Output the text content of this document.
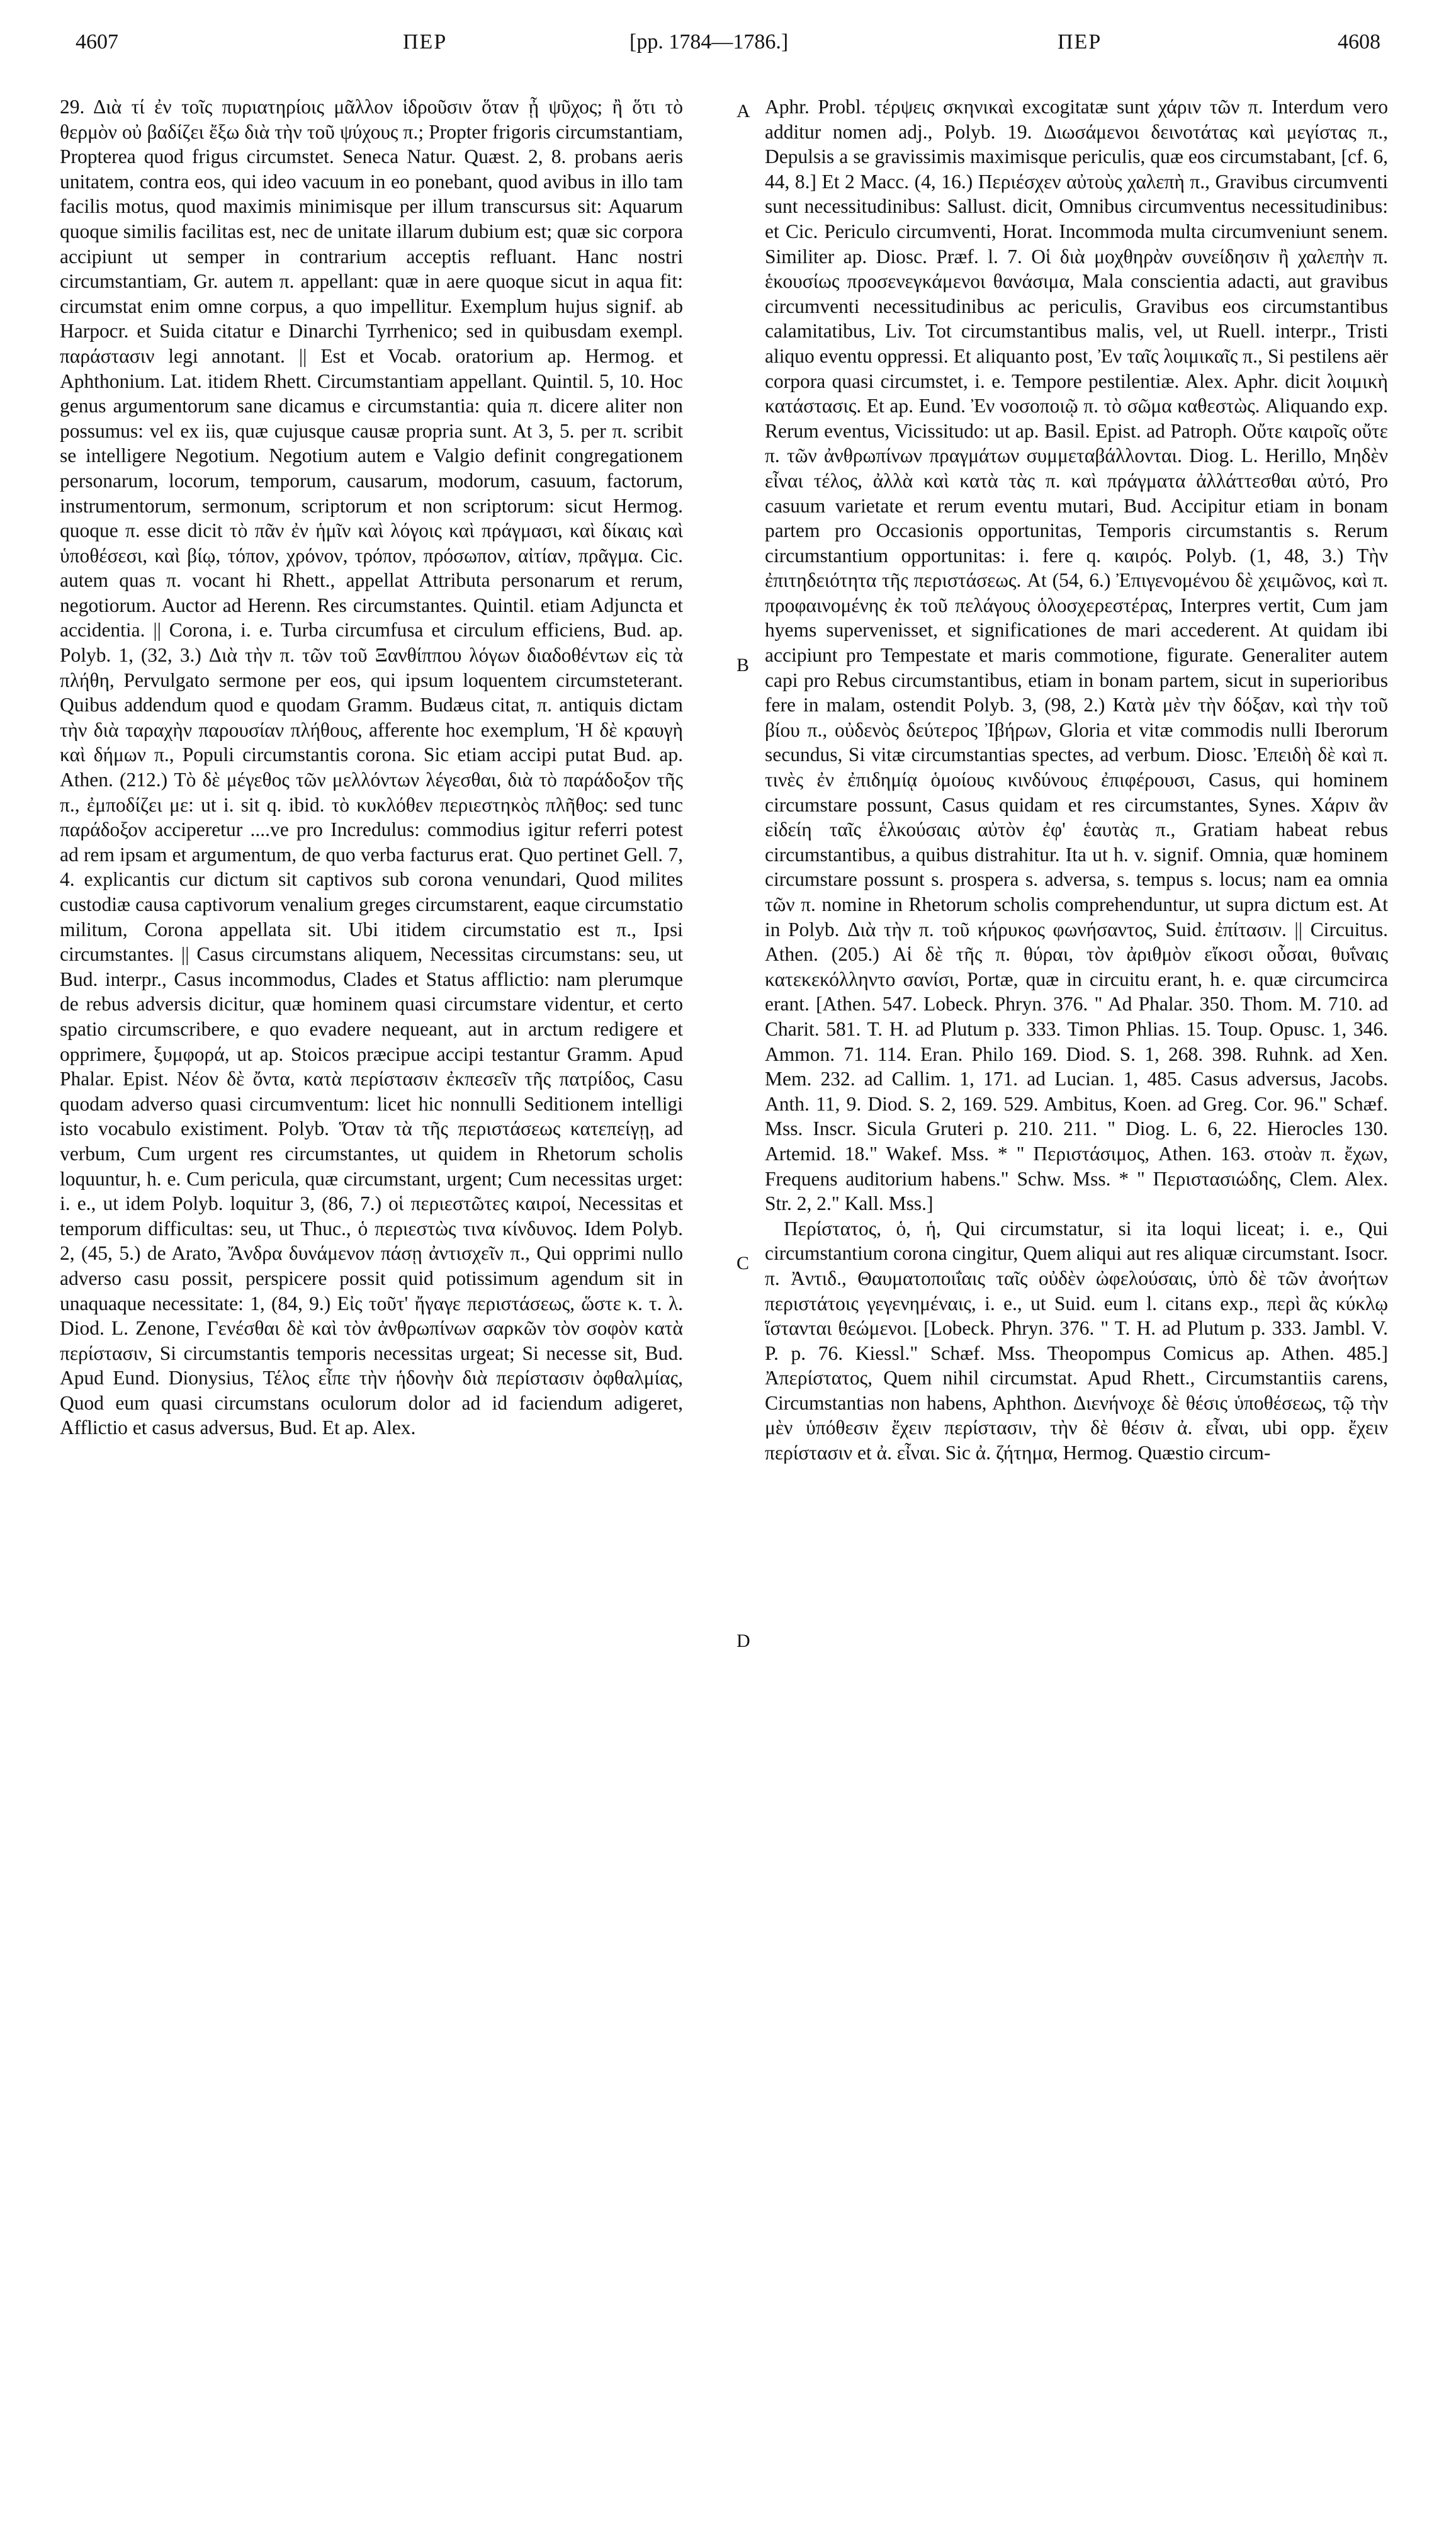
4607	ΠΕΡ	[pp. 1784—1786.]	ΠΕΡ	4608

29. Διὰ τί ἐν τοῖς πυριατηρίοις μᾶλλον ἱδροῦσιν ὅταν ᾖ ψῦχος; ἢ ὅτι τὸ θερμὸν οὐ βαδίζει ἔξω διὰ τὴν τοῦ ψύχους π.; Propter frigoris circumstantiam, Propterea quod frigus circumstet. Seneca Natur. Quæst. 2, 8. probans aeris unitatem, contra eos, qui ideo vacuum in eo ponebant, quod avibus in illo tam facilis motus, quod maximis minimisque per illum transcursus sit: Aquarum quoque similis facilitas est, nec de unitate illarum dubium est; quæ sic corpora accipiunt ut semper in contrarium acceptis refluant. Hanc nostri circumstantiam, Gr. autem π. appellant: quæ in aere quoque sicut in aqua fit: circumstat enim omne corpus, a quo impellitur. Exemplum hujus signif. ab Harpocr. et Suida citatur e Dinarchi Tyrrhenico; sed in quibusdam exempl. παράστασιν legi annotant. || Est et Vocab. oratorium ap. Hermog. et Aphthonium. Lat. itidem Rhett. Circumstantiam appellant. Quintil. 5, 10. Hoc genus argumentorum sane dicamus e circumstantia: quia π. dicere aliter non possumus: vel ex iis, quæ cujusque causæ propria sunt. At 3, 5. per π. scribit se intelligere Negotium. Negotium autem e Valgio definit congregationem personarum, locorum, temporum, causarum, modorum, casuum, factorum, instrumentorum, sermonum, scriptorum et non scriptorum: sicut Hermog. quoque π. esse dicit τὸ πᾶν ἐν ἡμῖν καὶ λόγοις καὶ πράγμασι, καὶ δίκαις καὶ ὑποθέσεσι, καὶ βίῳ, τόπον, χρόνον, τρόπον, πρόσωπον, αἰτίαν, πρᾶγμα. Cic. autem quas π. vocant hi Rhett., appellat Attributa personarum et rerum, negotiorum. Auctor ad Herenn. Res circumstantes. Quintil. etiam Adjuncta et accidentia. || Corona, i. e. Turba circumfusa et circulum efficiens, Bud. ap. Polyb. 1, (32, 3.) Διὰ τὴν π. τῶν τοῦ Ξανθίππου λόγων διαδοθέντων εἰς τὰ πλήθη, Pervulgato sermone per eos, qui ipsum loquentem circumsteterant. Quibus addendum quod e quodam Gramm. Budæus citat, π. antiquis dictam τὴν διὰ ταραχὴν παρουσίαν πλήθους, afferente hoc exemplum, Ἡ δὲ κραυγὴ καὶ δήμων π., Populi circumstantis corona. Sic etiam accipi putat Bud. ap. Athen. (212.) Τὸ δὲ μέγεθος τῶν μελλόντων λέγεσθαι, διὰ τὸ παράδοξον τῆς π., ἐμποδίζει με: ut i. sit q. ibid. τὸ κυκλόθεν περιεστηκὸς πλῆθος: sed tunc παράδοξον acciperetur ....ve pro Incredulus: commodius igitur referri potest ad rem ipsam et argumentum, de quo verba facturus erat. Quo pertinet Gell. 7, 4. explicantis cur dictum sit captivos sub corona venundari, Quod milites custodiæ causa captivorum venalium greges circumstarent, eaque circumstatio militum, Corona appellata sit. Ubi itidem circumstatio est π., Ipsi circumstantes. || Casus circumstans aliquem, Necessitas circumstans: seu, ut Bud. interpr., Casus incommodus, Clades et Status afflictio: nam plerumque de rebus adversis dicitur, quæ hominem quasi circumstare videntur, et certo spatio circumscribere, e quo evadere nequeant, aut in arctum redigere et opprimere, ξυμφορά, ut ap. Stoicos præcipue accipi testantur Gramm. Apud Phalar. Epist. Νέον δὲ ὄντα, κατὰ περίστασιν ἐκπεσεῖν τῆς πατρίδος, Casu quodam adverso quasi circumventum: licet hic nonnulli Seditionem intelligi isto vocabulo existiment. Polyb. Ὅταν τὰ τῆς περιστάσεως κατεπείγῃ, ad verbum, Cum urgent res circumstantes, ut quidem in Rhetorum scholis loquuntur, h. e. Cum pericula, quæ circumstant, urgent; Cum necessitas urget: i. e., ut idem Polyb. loquitur 3, (86, 7.) οἱ περιεστῶτες καιροί, Necessitas et temporum difficultas: seu, ut Thuc., ὁ περιεστὼς τινα κίνδυνος. Idem Polyb. 2, (45, 5.) de Arato, Ἄνδρα δυνάμενον πάσῃ ἀντισχεῖν π., Qui opprimi nullo adverso casu possit, perspicere possit quid potissimum agendum sit in unaquaque necessitate: 1, (84, 9.) Εἰς τοῦτ' ἤγαγε περιστάσεως, ὥστε κ. τ. λ. Diod. L. Zenone, Γενέσθαι δὲ καὶ τὸν ἀνθρωπίνων σαρκῶν τὸν σοφὸν κατὰ περίστασιν, Si circumstantis temporis necessitas urgeat; Si necesse sit, Bud. Apud Eund. Dionysius, Τέλος εἶπε τὴν ἡδονὴν διὰ περίστασιν ὀφθαλμίας, Quod eum quasi circumstans oculorum dolor ad id faciendum adigeret, Afflictio et casus adversus, Bud. Et ap. Alex.

A
B
C
D

Aphr. Probl. τέρψεις σκηνικαὶ excogitatæ sunt χάριν τῶν π. Interdum vero additur nomen adj., Polyb. 19. Διωσάμενοι δεινοτάτας καὶ μεγίστας π., Depulsis a se gravissimis maximisque periculis, quæ eos circumstabant, [cf. 6, 44, 8.] Et 2 Macc. (4, 16.) Περιέσχεν αὐτοὺς χαλεπὴ π., Gravibus circumventi sunt necessitudinibus: Sallust. dicit, Omnibus circumventus necessitudinibus: et Cic. Periculo circumventi, Horat. Incommoda multa circumveniunt senem. Similiter ap. Diosc. Præf. l. 7. Οἱ διὰ μοχθηρὰν συνείδησιν ἢ χαλεπὴν π. ἑκουσίως προσενεγκάμενοι θανάσιμα, Mala conscientia adacti, aut gravibus circumventi necessitudinibus ac periculis, Gravibus eos circumstantibus calamitatibus, Liv. Tot circumstantibus malis, vel, ut Ruell. interpr., Tristi aliquo eventu oppressi. Et aliquanto post, Ἐν ταῖς λοιμικαῖς π., Si pestilens aër corpora quasi circumstet, i. e. Tempore pestilentiæ. Alex. Aphr. dicit λοιμικὴ κατάστασις. Et ap. Eund. Ἐν νοσοποιῷ π. τὸ σῶμα καθεστὼς. Aliquando exp. Rerum eventus, Vicissitudo: ut ap. Basil. Epist. ad Patroph. Οὔτε καιροῖς οὔτε π. τῶν ἀνθρωπίνων πραγμάτων συμμεταβάλλονται. Diog. L. Herillo, Μηδὲν εἶναι τέλος, ἀλλὰ καὶ κατὰ τὰς π. καὶ πράγματα ἀλλάττεσθαι αὐτό, Pro casuum varietate et rerum eventu mutari, Bud. Accipitur etiam in bonam partem pro Occasionis opportunitas, Temporis circumstantis s. Rerum circumstantium opportunitas: i. fere q. καιρός. Polyb. (1, 48, 3.) Τὴν ἐπιτηδειότητα τῆς περιστάσεως. At (54, 6.) Ἐπιγενομένου δὲ χειμῶνος, καὶ π. προφαινομένης ἐκ τοῦ πελάγους ὁλοσχερεστέρας, Interpres vertit, Cum jam hyems supervenisset, et significationes de mari accederent. At quidam ibi accipiunt pro Tempestate et maris commotione, figurate. Generaliter autem capi pro Rebus circumstantibus, etiam in bonam partem, sicut in superioribus fere in malam, ostendit Polyb. 3, (98, 2.) Κατὰ μὲν τὴν δόξαν, καὶ τὴν τοῦ βίου π., οὐδενὸς δεύτερος Ἰβήρων, Gloria et vitæ commodis nulli Iberorum secundus, Si vitæ circumstantias spectes, ad verbum. Diosc. Ἐπειδὴ δὲ καὶ π. τινὲς ἐν ἐπιδημίᾳ ὁμοίους κινδύνους ἐπιφέρουσι, Casus, qui hominem circumstare possunt, Casus quidam et res circumstantes, Synes. Χάριν ἂν εἰδείη ταῖς ἑλκούσαις αὐτὸν ἐφ' ἑαυτὰς π., Gratiam habeat rebus circumstantibus, a quibus distrahitur. Ita ut h. v. signif. Omnia, quæ hominem circumstare possunt s. prospera s. adversa, s. tempus s. locus; nam ea omnia τῶν π. nomine in Rhetorum scholis comprehenduntur, ut supra dictum est. At in Polyb. Διὰ τὴν π. τοῦ κήρυκος φωνήσαντος, Suid. ἐπίτασιν. || Circuitus. Athen. (205.) Αἱ δὲ τῆς π. θύραι, τὸν ἀριθμὸν εἴκοσι οὖσαι, θυΐναις κατεκεκόλληντο σανίσι, Portæ, quæ in circuitu erant, h. e. quæ circumcirca erant. [Athen. 547. Lobeck. Phryn. 376. " Ad Phalar. 350. Thom. M. 710. ad Charit. 581. T. H. ad Plutum p. 333. Timon Phlias. 15. Toup. Opusc. 1, 346. Ammon. 71. 114. Eran. Philo 169. Diod. S. 1, 268. 398. Ruhnk. ad Xen. Mem. 232. ad Callim. 1, 171. ad Lucian. 1, 485. Casus adversus, Jacobs. Anth. 11, 9. Diod. S. 2, 169. 529. Ambitus, Koen. ad Greg. Cor. 96." Schæf. Mss. Inscr. Sicula Gruteri p. 210. 211. " Diog. L. 6, 22. Hierocles 130. Artemid. 18." Wakef. Mss. * " Περιστάσιμος, Athen. 163. στοὰν π. ἔχων, Frequens auditorium habens." Schw. Mss. * " Περιστασιώδης, Clem. Alex. Str. 2, 2." Kall. Mss.]

Περίστατος, ὁ, ἡ, Qui circumstatur, si ita loqui liceat; i. e., Qui circumstantium corona cingitur, Quem aliqui aut res aliquæ circumstant. Isocr. π. Ἀντιδ., Θαυματοποιΐαις ταῖς οὐδὲν ὠφελούσαις, ὑπὸ δὲ τῶν ἀνοήτων περιστάτοις γεγενημέναις, i. e., ut Suid. eum l. citans exp., περὶ ἃς κύκλῳ ἵστανται θεώμενοι. [Lobeck. Phryn. 376. " T. H. ad Plutum p. 333. Jambl. V. P. p. 76. Kiessl." Schæf. Mss. Theopompus Comicus ap. Athen. 485.] Ἀπερίστατος, Quem nihil circumstat. Apud Rhett., Circumstantiis carens, Circumstantias non habens, Aphthon. Διενήνοχε δὲ θέσις ὑποθέσεως, τῷ τὴν μὲν ὑπόθεσιν ἔχειν περίστασιν, τὴν δὲ θέσιν ἀ. εἶναι, ubi opp. ἔχειν περίστασιν et ἀ. εἶναι. Sic ἀ. ζήτημα, Hermog. Quæstio circum-
